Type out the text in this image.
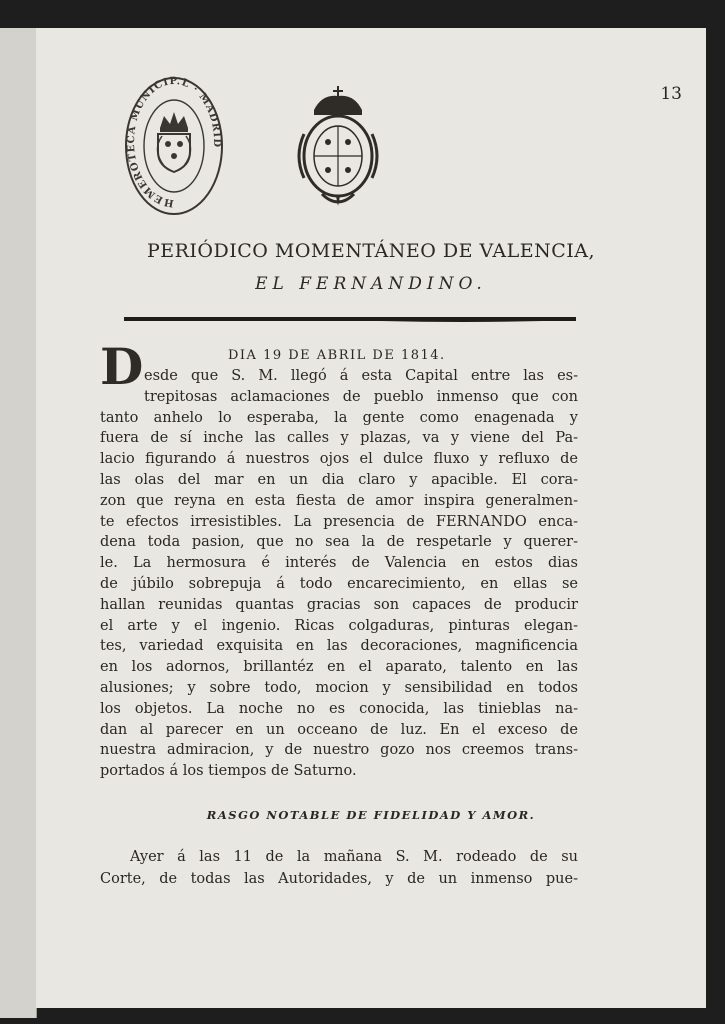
13
HEMEROTECA MUNICIP.L · MADRID
PERIÓDICO MOMENTÁNEO DE VALENCIA,
EL FERNANDINO.
D	DIA 19 DE ABRIL DE 1814.
esde que S. M. llegó á esta Capital entre las es-
trepitosas aclamaciones de pueblo inmenso que con
tanto anhelo lo esperaba, la gente como enagenada y
fuera de sí inche las calles y plazas, va y viene del Pa-
lacio figurando á nuestros ojos el dulce fluxo y refluxo de
las olas del mar en un dia claro y apacible. El cora-
zon que reyna en esta fiesta de amor inspira generalmen-
te efectos irresistibles. La presencia de FERNANDO enca-
dena toda pasion, que no sea la de respetarle y querer-
le. La hermosura é interés de Valencia en estos dias
de júbilo sobrepuja á todo encarecimiento, en ellas se
hallan reunidas quantas gracias son capaces de producir
el arte y el ingenio. Ricas colgaduras, pinturas elegan-
tes, variedad exquisita en las decoraciones, magnificencia
en los adornos, brillantéz en el aparato, talento en las
alusiones; y sobre todo, mocion y sensibilidad en todos
los objetos. La noche no es conocida, las tinieblas na-
dan al parecer en un occeano de luz. En el exceso de
nuestra admiracion, y de nuestro gozo nos creemos trans-
portados á los tiempos de Saturno.
RASGO NOTABLE DE FIDELIDAD Y AMOR.
Ayer á las 11 de la mañana S. M. rodeado de su
Corte, de todas las Autoridades, y de un inmenso pue-
